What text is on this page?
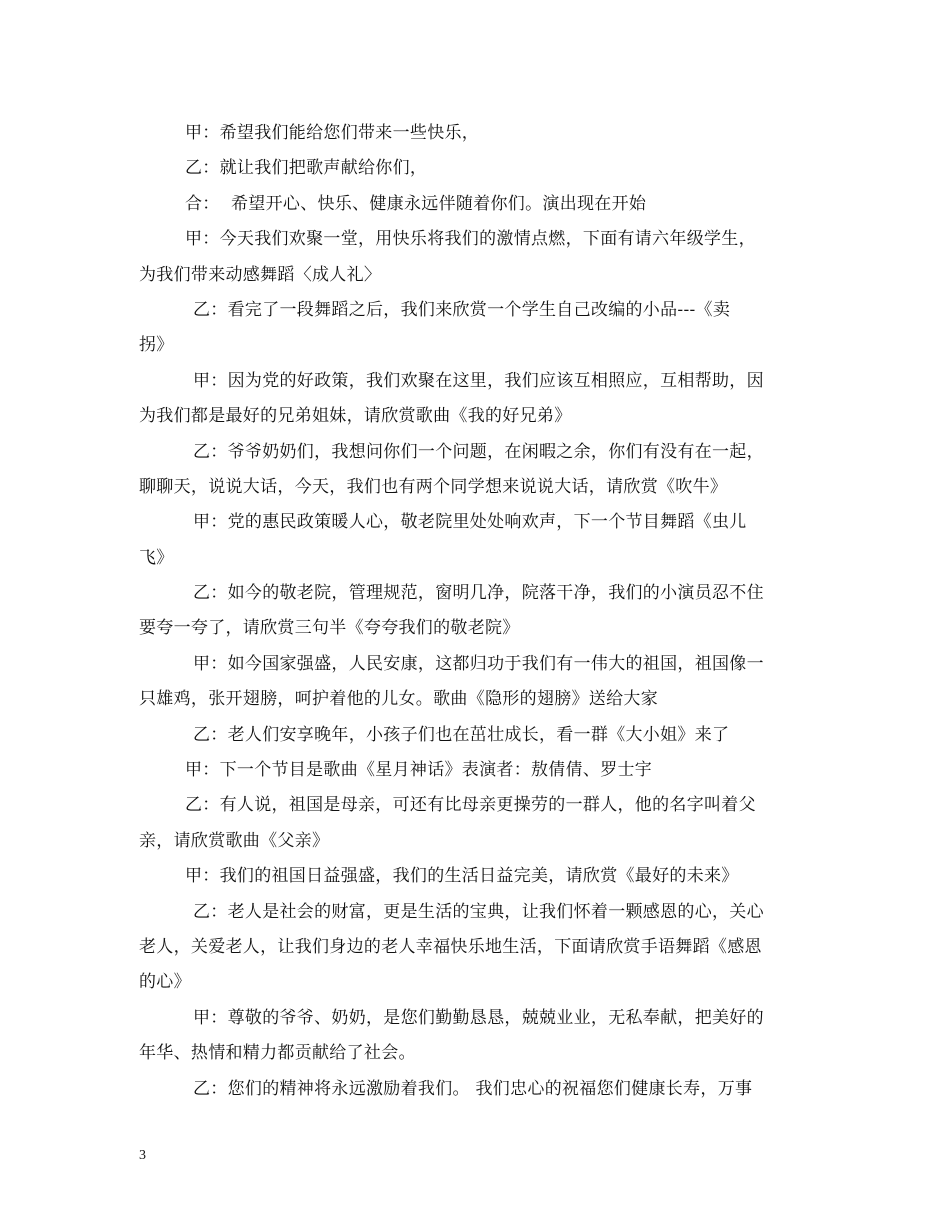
甲：希望我们能给您们带来一些快乐，
乙：就让我们把歌声献给你们，
合：  希望开心、快乐、健康永远伴随着你们。演出现在开始
甲：今天我们欢聚一堂，用快乐将我们的激情点燃，下面有请六年级学生，
为我们带来动感舞蹈〈成人礼〉
乙：看完了一段舞蹈之后，我们来欣赏一个学生自己改编的小品---《卖
拐》
甲：因为党的好政策，我们欢聚在这里，我们应该互相照应，互相帮助，因
为我们都是最好的兄弟姐妹，请欣赏歌曲《我的好兄弟》
乙：爷爷奶奶们，我想问你们一个问题，在闲暇之余，你们有没有在一起，
聊聊天，说说大话，今天，我们也有两个同学想来说说大话，请欣赏《吹牛》
甲：党的惠民政策暖人心，敬老院里处处响欢声，下一个节目舞蹈《虫儿
飞》
乙：如今的敬老院，管理规范，窗明几净，院落干净，我们的小演员忍不住
要夸一夸了，请欣赏三句半《夸夸我们的敬老院》
甲：如今国家强盛，人民安康，这都归功于我们有一伟大的祖国，祖国像一
只雄鸡，张开翅膀，呵护着他的儿女。歌曲《隐形的翅膀》送给大家
乙：老人们安享晚年，小孩子们也在茁壮成长，看一群《大小姐》来了
甲：下一个节目是歌曲《星月神话》表演者：敖倩倩、罗士宇
乙：有人说，祖国是母亲，可还有比母亲更操劳的一群人，他的名字叫着父
亲，请欣赏歌曲《父亲》
甲：我们的祖国日益强盛，我们的生活日益完美，请欣赏《最好的未来》
乙：老人是社会的财富，更是生活的宝典，让我们怀着一颗感恩的心，关心
老人，关爱老人，让我们身边的老人幸福快乐地生活，下面请欣赏手语舞蹈《感恩
的心》
甲：尊敬的爷爷、奶奶，是您们勤勤恳恳，兢兢业业，无私奉献，把美好的
年华、热情和精力都贡献给了社会。
乙：您们的精神将永远激励着我们。 我们忠心的祝福您们健康长寿，万事
3
